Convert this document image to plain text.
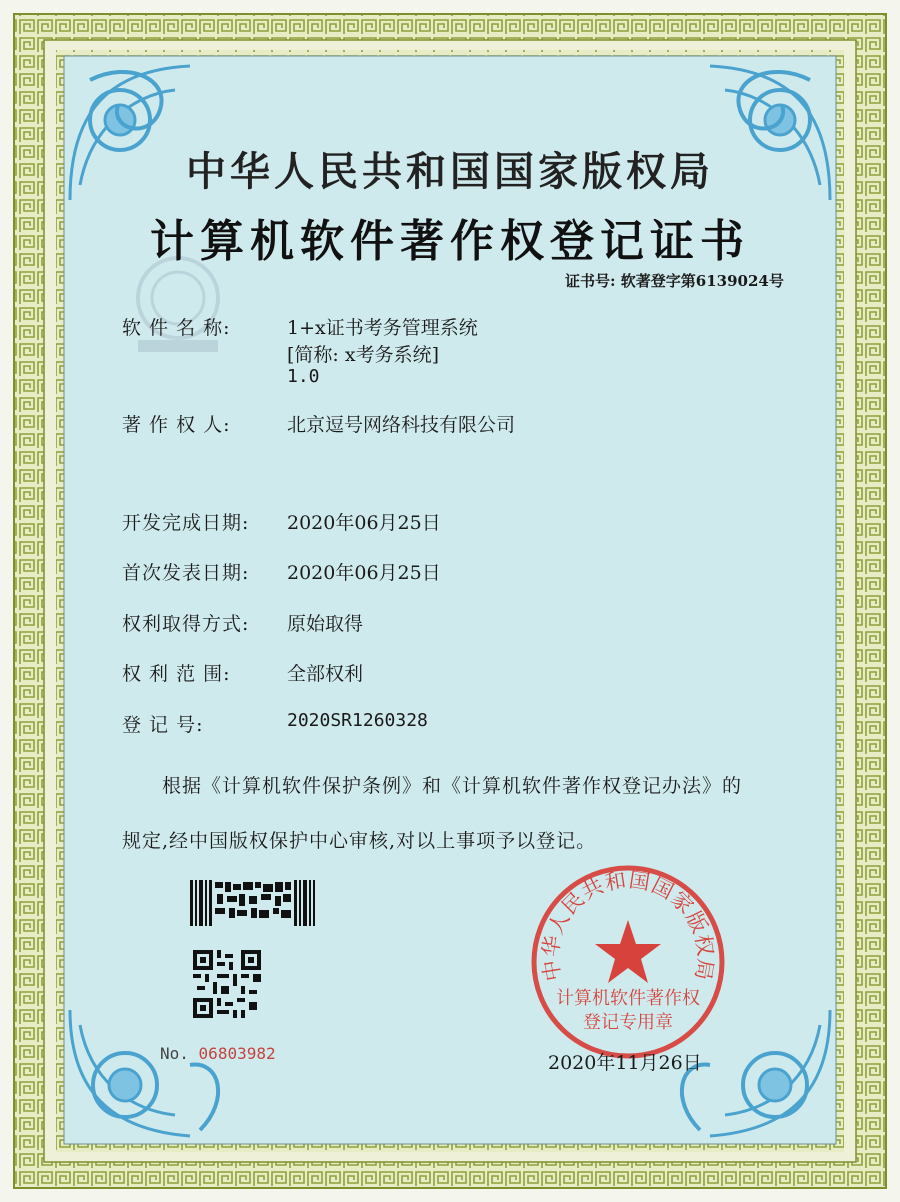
中华人民共和国国家版权局
计算机软件著作权登记证书
证书号: 软著登字第6139024号
软 件 名 称:	1+x证书考务管理系统
[简称: x考务系统]
1.0
著 作 权 人:	北京逗号网络科技有限公司
开发完成日期: 2020年06月25日
首次发表日期: 2020年06月25日
权利取得方式: 原始取得
权 利 范 围:	全部权利
登 记 号:	2020SR1260328
根据《计算机软件保护条例》和《计算机软件著作权登记办法》的
规定,经中国版权保护中心审核,对以上事项予以登记。
No. 06803982
中华人民共和国国家版权局
计算机软件著作权
登记专用章
2020年11月26日
